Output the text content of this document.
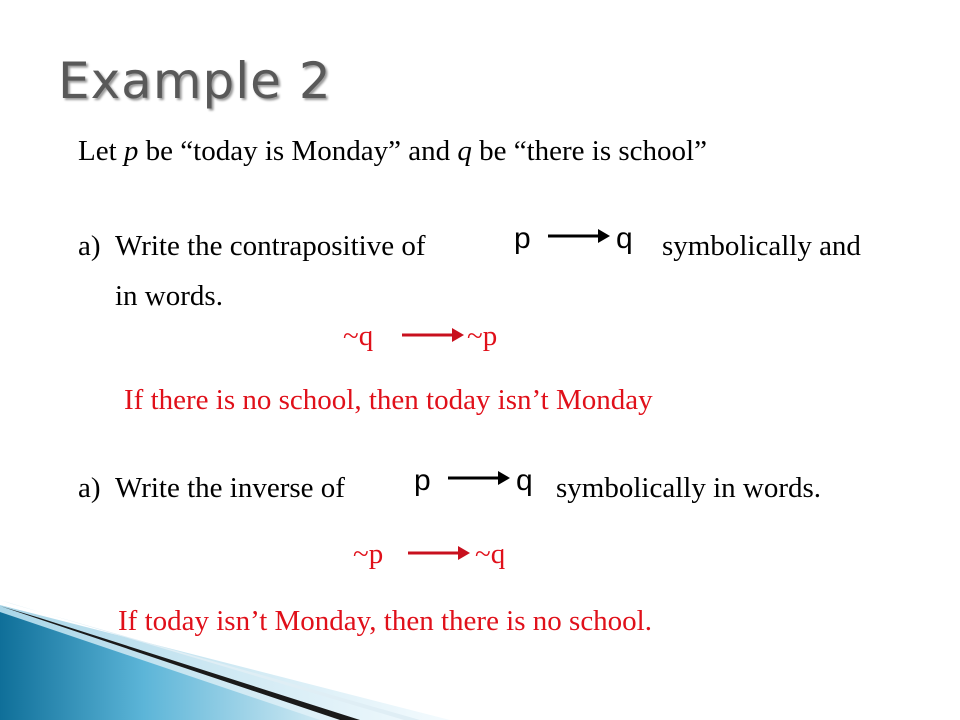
Example 2
Let p be “today is Monday” and q be “there is school”
a) Write the contrapositive of	p	q symbolically and
in words.
~q	~p
If there is no school, then today isn’t Monday
a) Write the inverse of p	q symbolically in words.
~p	~q
If today isn’t Monday, then there is no school.
